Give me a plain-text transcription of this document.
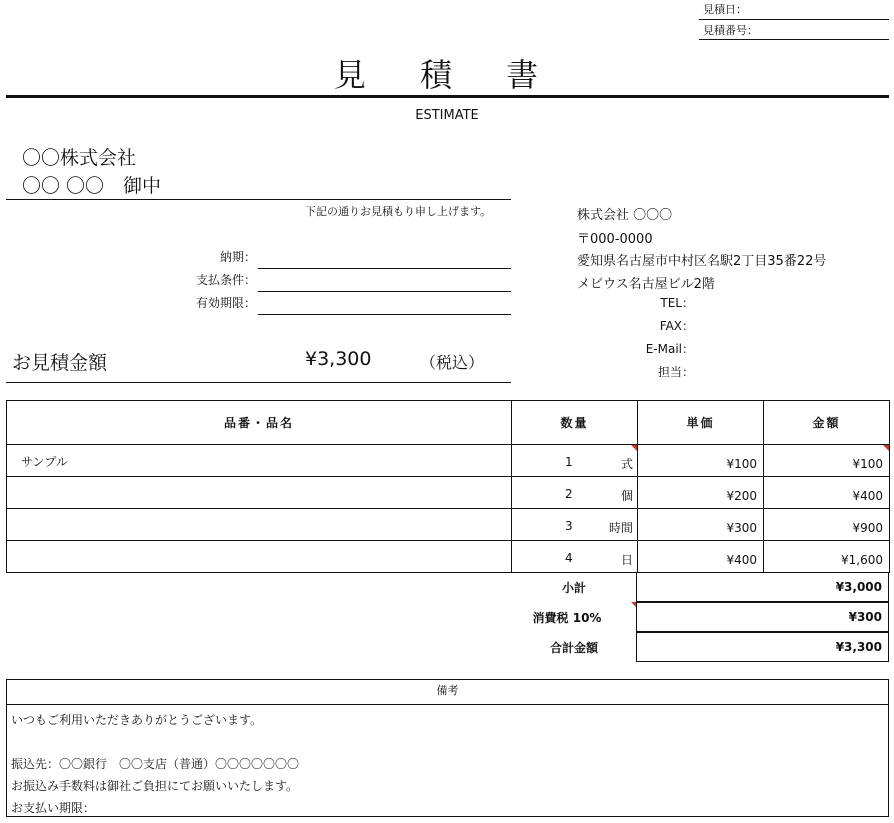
見積日：
見積番号：
見 積 書
ESTIMATE
〇〇株式会社
〇〇 〇〇　御中
下記の通りお見積もり申し上げます。
納期：
支払条件：
有効期限：
お見積金額	¥3,300	（税込）
株式会社 〇〇〇
〒000-0000
愛知県名古屋市中村区名駅2丁目35番22号
メビウス名古屋ビル2階
TEL：
FAX：
E-Mail：
担当：
品番・品名	数量	単価	金額
サンプル	1 式	¥100	¥100

	2 個	¥200	¥400

	3 時間	¥300	¥900

	4 日	¥400	¥1,600
小計	¥3,000
消費税 10%	¥300
合計金額	¥3,300
備考
いつもご利用いただきありがとうございます。
振込先：〇〇銀行　〇〇支店（普通）〇〇〇〇〇〇〇
お振込み手数料は御社ご負担にてお願いいたします。
お支払い期限：
